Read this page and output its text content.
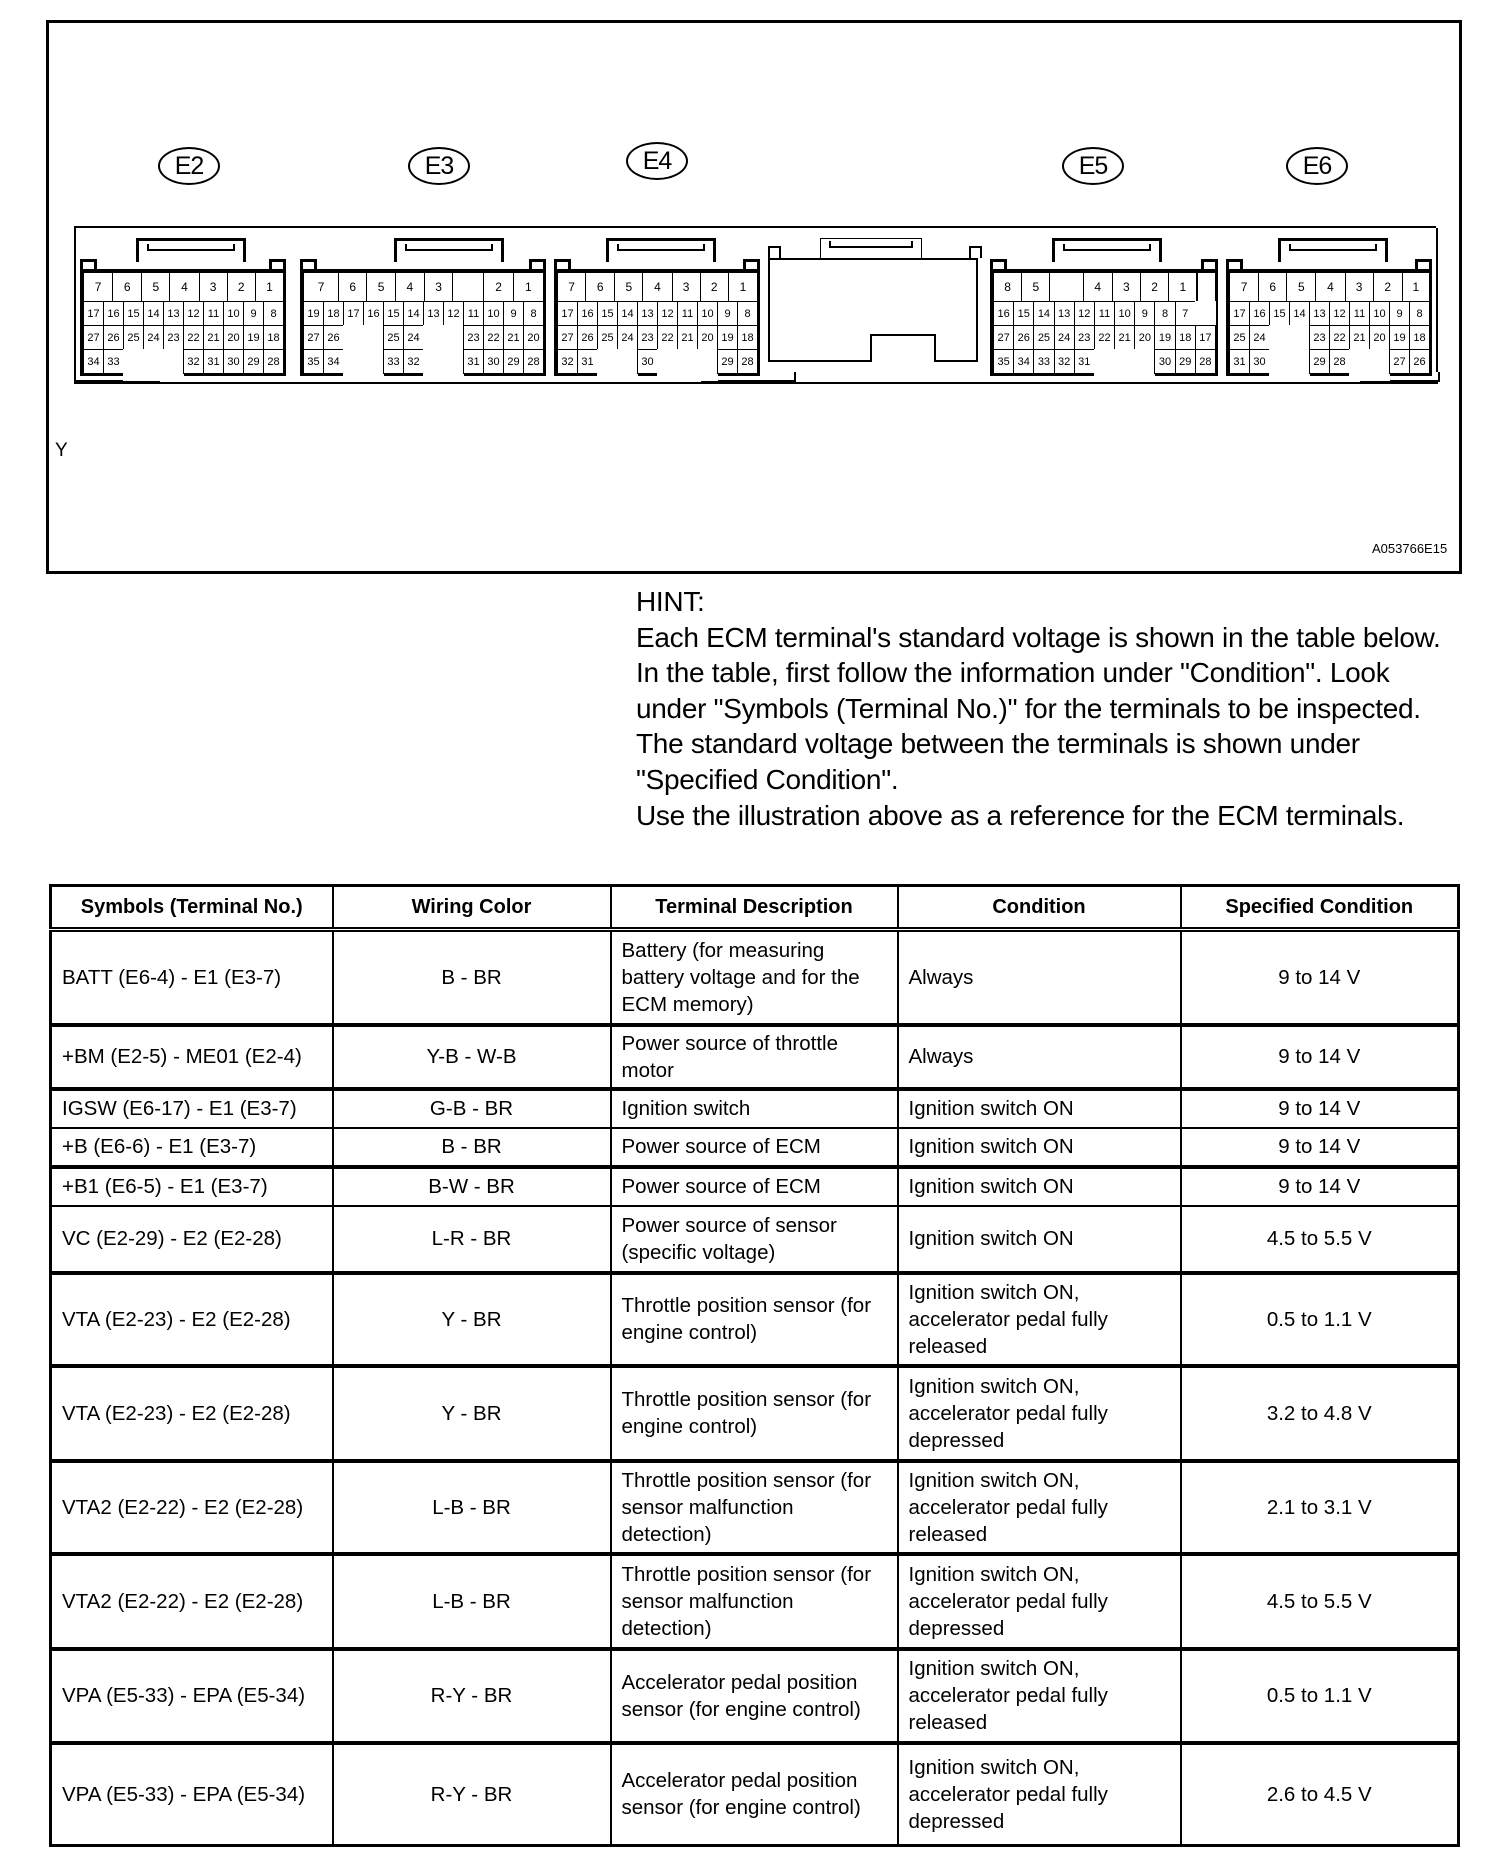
E2	E3	E4	E5	E6
7	6	5	4	3	2	1
17 16 15 14 13 12 11 10 9	8
27 26 25 24 23 22 21 20 19 18
34 33	32 31 30 29 28
7	6	5	4	3	2	1
19 18 17 16 15 14 13 12 11 10 9	8
27 26	25 24	23 22 21 20
35 34	33 32	31 30 29 28
7	6	5	4	3	2	1
17 16 15 14 13 12 11 10 9	8
27 26 25 24 23 22 21 20 19 18
32 31	30	29 28
8	5	4	3	2	1
16 15 14 13 12 11 10	9	8	7
27 26 25 24 23 22 21 20 19 18 17
35 34 33 32 31	30 29 28
7	6	5	4	3	2	1
17 16 15 14 13 12 11 10 9	8
25 24	23 22 21 20 19 18
31 30	29 28	27 26
Y
A053766E15

HINT:

Each ECM terminal's standard voltage is shown in the table below. In the table, first follow the information under "Condition". Look under "Symbols (Terminal No.)" for the terminals to be inspected. The standard voltage between the terminals is shown under "Specified Condition".

Use the illustration above as a reference for the ECM terminals.

Symbols (Terminal No.)	Wiring Color	Terminal Description	Condition	Specified Condition
BATT (E6-4) - E1 (E3-7)	B - BR	Battery (for measuring battery voltage and for the ECM memory)	Always	9 to 14 V
+BM (E2-5) - ME01 (E2-4)	Y-B - W-B	Power source of throttle motor	Always	9 to 14 V
IGSW (E6-17) - E1 (E3-7)	G-B - BR	Ignition switch	Ignition switch ON	9 to 14 V
+B (E6-6) - E1 (E3-7)	B - BR	Power source of ECM	Ignition switch ON	9 to 14 V
+B1 (E6-5) - E1 (E3-7)	B-W - BR	Power source of ECM	Ignition switch ON	9 to 14 V
VC (E2-29) - E2 (E2-28)	L-R - BR	Power source of sensor (specific voltage)	Ignition switch ON	4.5 to 5.5 V
VTA (E2-23) - E2 (E2-28)	Y - BR	Throttle position sensor (for engine control)	Ignition switch ON, accelerator pedal fully released	0.5 to 1.1 V
VTA (E2-23) - E2 (E2-28)	Y - BR	Throttle position sensor (for engine control)	Ignition switch ON, accelerator pedal fully depressed	3.2 to 4.8 V
VTA2 (E2-22) - E2 (E2-28)	L-B - BR	Throttle position sensor (for sensor malfunction detection)	Ignition switch ON, accelerator pedal fully released	2.1 to 3.1 V
VTA2 (E2-22) - E2 (E2-28)	L-B - BR	Throttle position sensor (for sensor malfunction detection)	Ignition switch ON, accelerator pedal fully depressed	4.5 to 5.5 V
VPA (E5-33) - EPA (E5-34)	R-Y - BR	Accelerator pedal position sensor (for engine control)	Ignition switch ON, accelerator pedal fully released	0.5 to 1.1 V
VPA (E5-33) - EPA (E5-34)	R-Y - BR	Accelerator pedal position sensor (for engine control)	Ignition switch ON, accelerator pedal fully depressed	2.6 to 4.5 V
